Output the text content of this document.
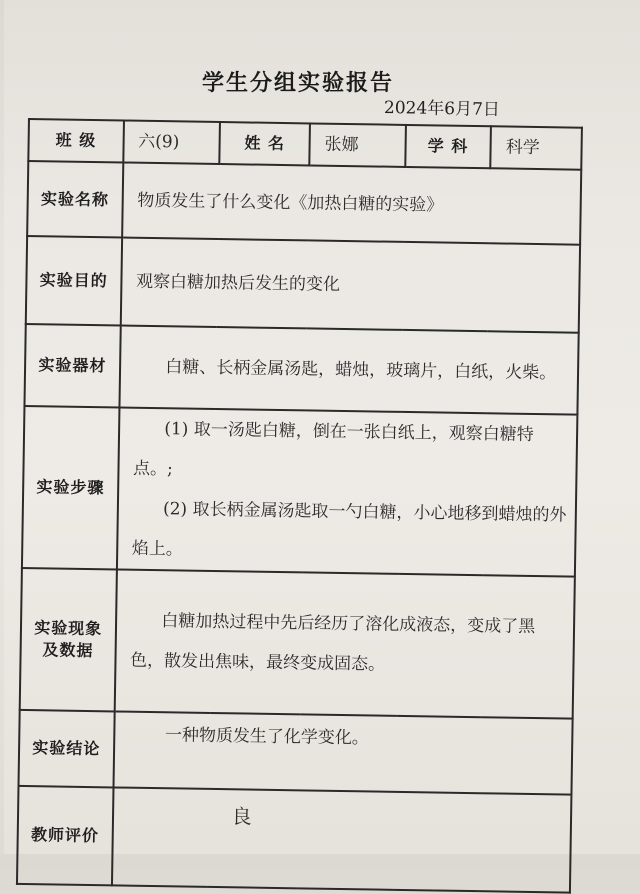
学生分组实验报告
2024年6月7日
班 级	六(9)	姓 名	张娜	学 科	科学
实验名称	物质发生了什么变化《加热白糖的实验》				
实验目的	观察白糖加热后发生的变化				
实验器材	白糖、长柄金属汤匙，蜡烛，玻璃片，白纸，火柴。				

实验步骤	(1) 取一汤匙白糖，倒在一张白纸上，观察白糖特点。;

(2) 取长柄金属汤匙取一勺白糖，小心地移到蜡烛的外焰上。				

实验现象
及数据	白糖加热过程中先后经历了溶化成液态，变成了黑色，散发出焦味，最终变成固态。				

实验结论	一种物质发生了化学变化。				
教师评价	良				
